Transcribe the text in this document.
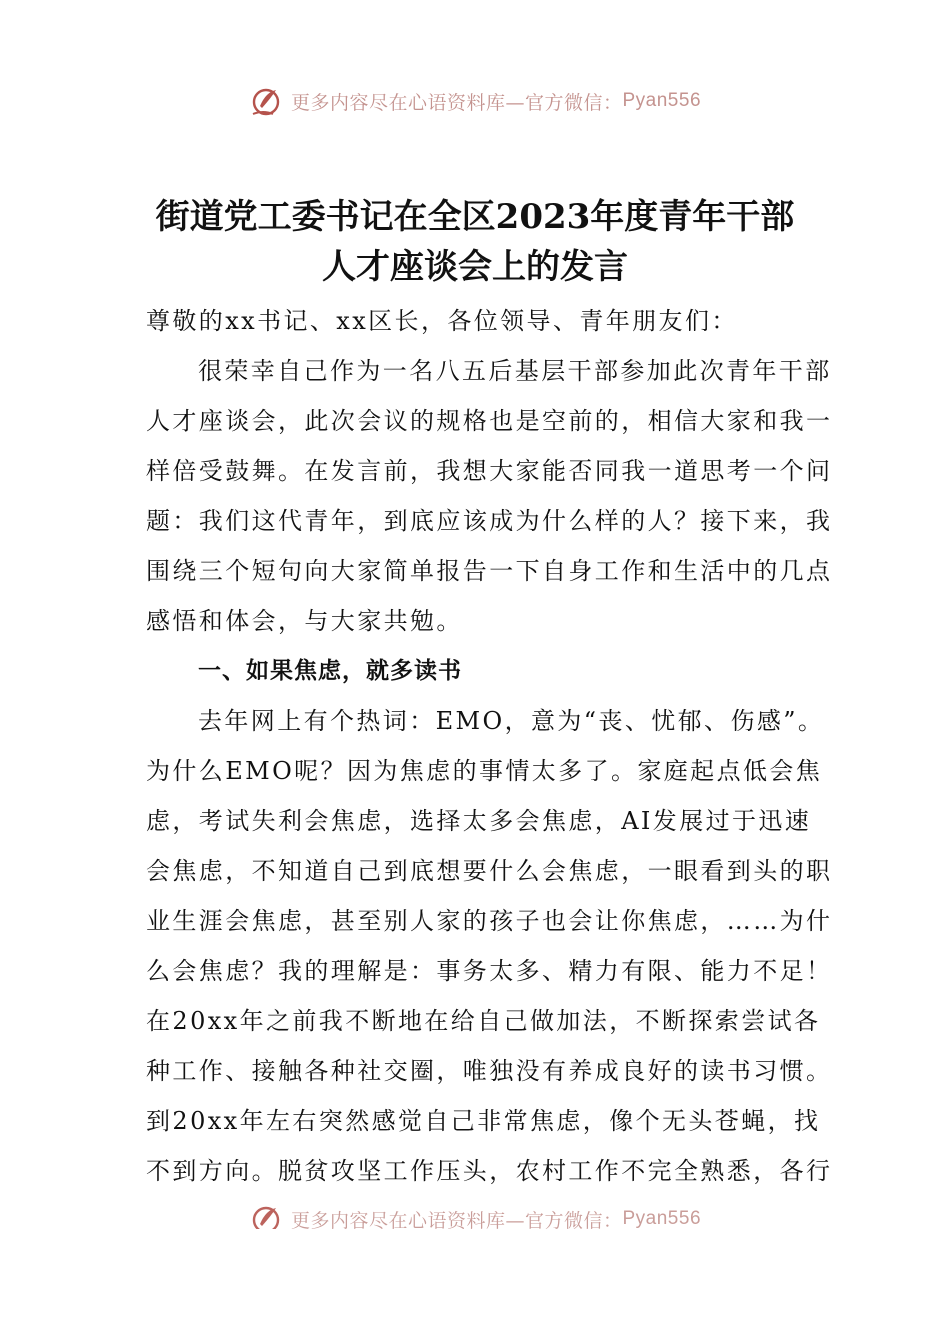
更多内容尽在心语资料库—官方微信： Pyan556
街道党工委书记在全区2023年度青年干部
人才座谈会上的发言
尊敬的xx书记、xx区长，各位领导、青年朋友们：
很荣幸自己作为一名八五后基层干部参加此次青年干部
人才座谈会，此次会议的规格也是空前的，相信大家和我一
样倍受鼓舞。在发言前，我想大家能否同我一道思考一个问
题：我们这代青年，到底应该成为什么样的人？接下来，我
围绕三个短句向大家简单报告一下自身工作和生活中的几点
感悟和体会，与大家共勉。
一、如果焦虑，就多读书
去年网上有个热词：EMO，意为“丧、忧郁、伤感”。
为什么EMO呢？因为焦虑的事情太多了。家庭起点低会焦
虑，考试失利会焦虑，选择太多会焦虑，AI发展过于迅速
会焦虑，不知道自己到底想要什么会焦虑，一眼看到头的职
业生涯会焦虑，甚至别人家的孩子也会让你焦虑，……为什
么会焦虑？我的理解是：事务太多、精力有限、能力不足！
在20xx年之前我不断地在给自己做加法，不断探索尝试各
种工作、接触各种社交圈，唯独没有养成良好的读书习惯。
到20xx年左右突然感觉自己非常焦虑，像个无头苍蝇，找
不到方向。脱贫攻坚工作压头，农村工作不完全熟悉，各行
更多内容尽在心语资料库—官方微信： Pyan556
